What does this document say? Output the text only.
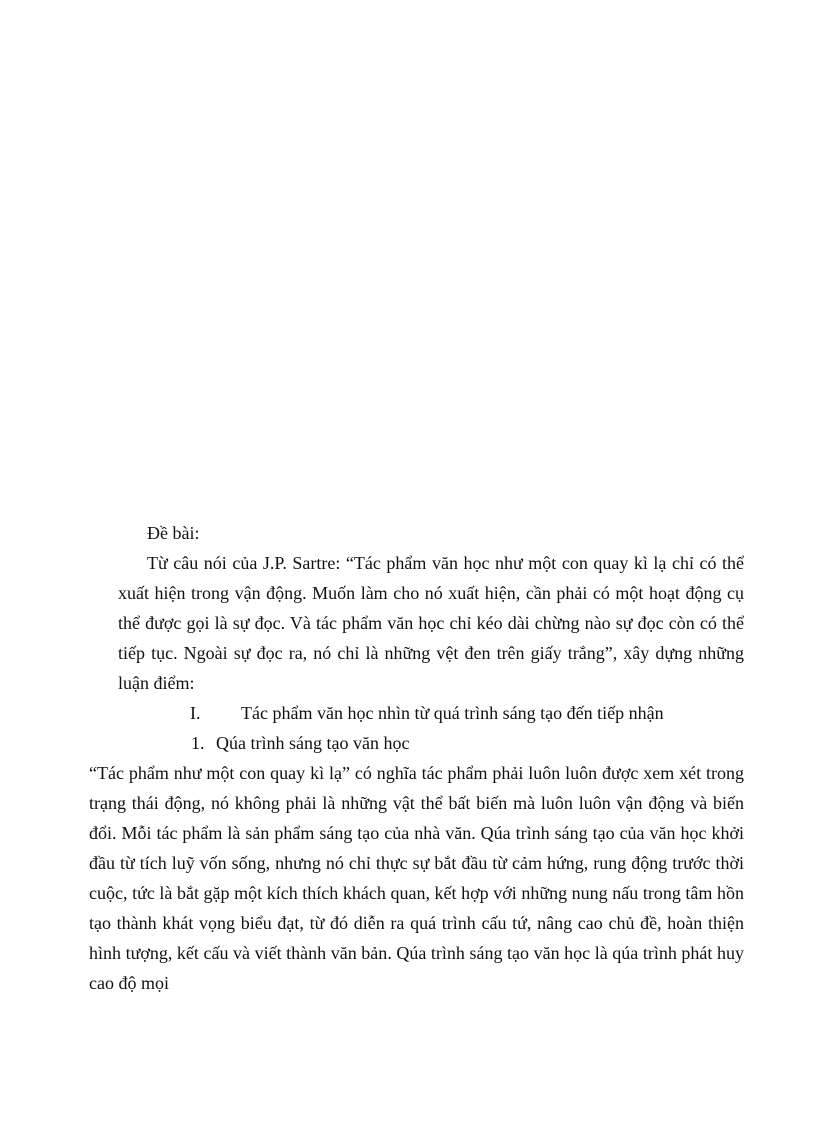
Đề bài:

Từ câu nói của J.P. Sartre: “Tác phẩm văn học như một con quay kì lạ chỉ có thể xuất hiện trong vận động. Muốn làm cho nó xuất hiện, cần phải có một hoạt động cụ thể được gọi là sự đọc. Và tác phẩm văn học chỉ kéo dài chừng nào sự đọc còn có thể tiếp tục. Ngoài sự đọc ra, nó chỉ là những vệt đen trên giấy trắng”, xây dựng những luận điểm:

I.	Tác phẩm văn học nhìn từ quá trình sáng tạo đến tiếp nhận

1. Qúa trình sáng tạo văn học

“Tác phẩm như một con quay kì lạ” có nghĩa tác phẩm phải luôn luôn được xem xét trong trạng thái động, nó không phải là những vật thể bất biến mà luôn luôn vận động và biến đổi. Mỗi tác phẩm là sản phẩm sáng tạo của nhà văn. Qúa trình sáng tạo của văn học khởi đầu từ tích luỹ vốn sống, nhưng nó chỉ thực sự bắt đầu từ cảm hứng, rung động trước thời cuộc, tức là bắt gặp một kích thích khách quan, kết hợp với những nung nấu trong tâm hồn tạo thành khát vọng biểu đạt, từ đó diễn ra quá trình cấu tứ, nâng cao chủ đề, hoàn thiện hình tượng, kết cấu và viết thành văn bản. Qúa trình sáng tạo văn học là qúa trình phát huy cao độ mọi
